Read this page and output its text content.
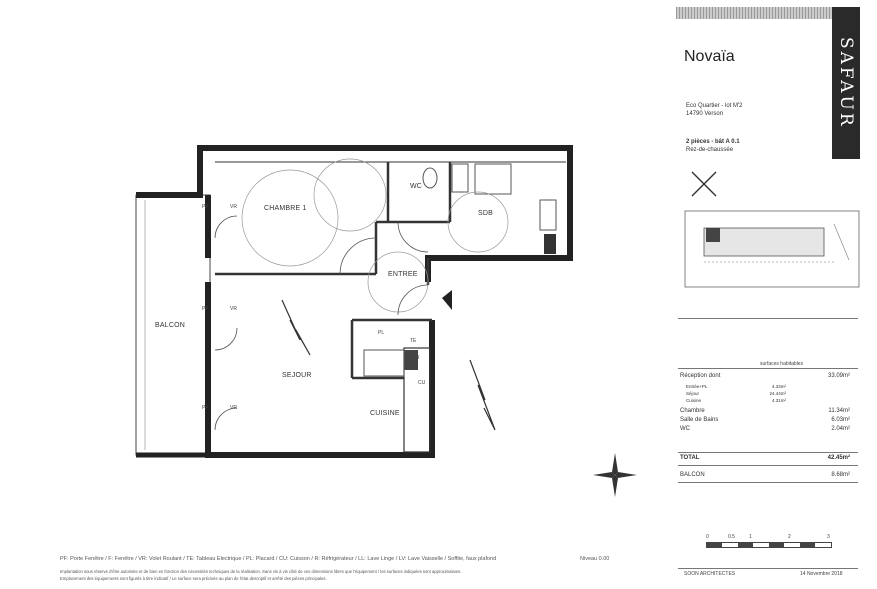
CHAMBRE 1
SDB
WC
ENTREE
SEJOUR
CUISINE
BALCON
PL
PF	VR
PF	VR
PF	VR
TE
R
CU
SAFAUR
Novaïa
Eco Quartier - lot M'2
14790 Verson
2 pièces - bât A 0.1
Rez-de-chaussée
surfaces habitables
Réception dont	33.09m²
Entrée+PL	4.33m²
Séjour	24.44m²
Cuisine	4.31m²
Chambre	11.34m²
Salle de Bains	6.03m²
WC	2.04m²
TOTAL	42.45m²
BALCON	8.68m²
0	0.5	1	2	3
SOON ARCHITECTES	14 Novembre 2018
PF: Porte Fenêtre / F: Fenêtre / VR: Volet Roulant / TE: Tableau Electrique / PL: Placard / CU: Cuisson / R: Réfrigérateur / LL: Lave Linge / LV: Lave Vaisselle / Soffite, faux plafond	Niveau 0.00
Implantation sous réserve d'être autorisée et de bien en fonction des nécessités techniques de la réalisation. Sans vis à vis côté de ces dimensions libres que l'équipement / les surfaces indiquées sont approximatives.
Emplacement des équipements sont figurés à titre indicatif / Le surface sera précisée au plan de l'état descriptif et arrêté des pièces principales.
